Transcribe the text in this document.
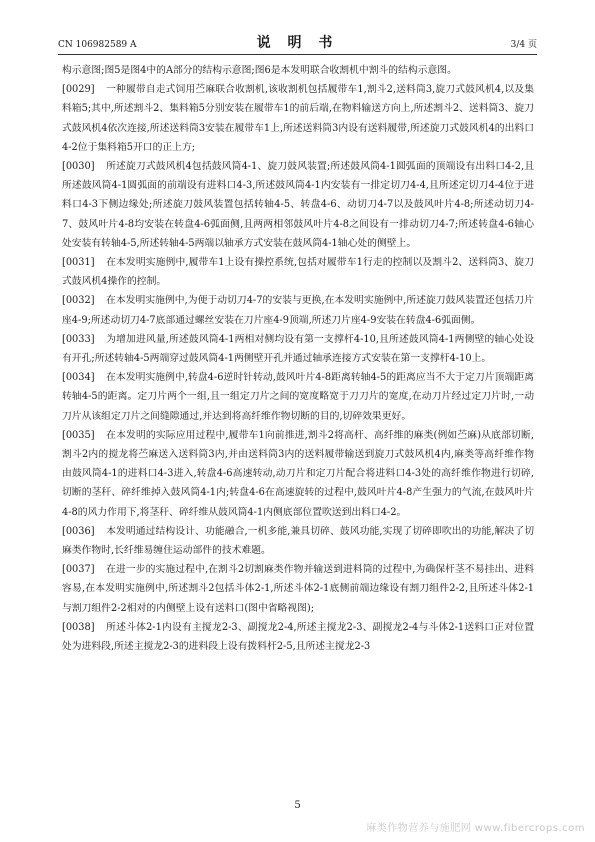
CN 106982589 A	说 明 书	3/4 页

构示意图;图5是图4中的A部分的结构示意图;图6是本发明联合收割机中割斗的结构示意图。

[0029] 一种履带自走式饲用苎麻联合收割机,该收割机包括履带车1,割斗2,送料筒3,旋刀式鼓风机4,以及集料箱5;其中,所述割斗2、集料箱5分别安装在履带车1的前后端,在物料输送方向上,所述割斗2、送料筒3、旋刀式鼓风机4依次连接,所述送料筒3安装在履带车1上,所述送料筒3内设有送料履带,所述旋刀式鼓风机4的出料口4-2位于集料箱5开口的正上方;

[0030] 所述旋刀式鼓风机4包括鼓风筒4-1、旋刀鼓风装置;所述鼓风筒4-1圆弧面的顶端设有出料口4-2,且所述鼓风筒4-1圆弧面的前端设有进料口4-3,所述鼓风筒4-1内安装有一排定切刀4-4,且所述定切刀4-4位于进料口4-3下侧边缘处;所述旋刀鼓风装置包括转轴4-5、转盘4-6、动切刀4-7以及鼓风叶片4-8;所述动切刀4-7、鼓风叶片4-8均安装在转盘4-6弧面侧,且两两相邻鼓风叶片4-8之间设有一排动切刀4-7;所述转盘4-6轴心处安装有转轴4-5,所述转轴4-5两端以轴承方式安装在鼓风筒4-1轴心处的侧壁上。

[0031] 在本发明实施例中,履带车1上设有操控系统,包括对履带车1行走的控制以及割斗2、送料筒3、旋刀式鼓风机4操作的控制。

[0032] 在本发明实施例中,为便于动切刀4-7的安装与更换,在本发明实施例中,所述旋刀鼓风装置还包括刀片座4-9;所述动切刀4-7底部通过螺丝安装在刀片座4-9顶端,所述刀片座4-9安装在转盘4-6弧面侧。

[0033] 为增加进风量,所述鼓风筒4-1两相对侧均设有第一支撑杆4-10,且所述鼓风筒4-1两侧壁的轴心处设有开孔;所述转轴4-5两端穿过鼓风筒4-1两侧壁开孔并通过轴承连接方式安装在第一支撑杆4-10上。

[0034] 在本发明实施例中,转盘4-6逆时针转动,鼓风叶片4-8距离转轴4-5的距离应当不大于定刀片顶端距离转轴4-5的距离。定刀片两个一组,且一组定刀片之间的宽度略宽于刀刀片的宽度,在动刀片经过定刀片时,一动刀片从该组定刀片之间缝隙通过,并达到将高纤维作物切断的目的,切碎效果更好。

[0035] 在本发明的实际应用过程中,履带车1向前推进,割斗2将高杆、高纤维的麻类(例如苎麻)从底部切断,割斗2内的搅龙将苎麻送入送料筒3内,并由送料筒3内的送料履带输送到旋刀式鼓风机4内,麻类等高纤维作物由鼓风筒4-1的进料口4-3进入,转盘4-6高速转动,动刀片和定刀片配合将进料口4-3处的高纤维作物进行切碎,切断的茎秆、碎纤维掉入鼓风筒4-1内;转盘4-6在高速旋转的过程中,鼓风叶片4-8产生强力的气流,在鼓风叶片4-8的风力作用下,将茎秆、碎纤维从鼓风筒4-1内侧底部位置吹送到出料口4-2。

[0036] 本发明通过结构设计、功能融合,一机多能,兼具切碎、鼓风功能,实现了切碎即吹出的功能,解决了切麻类作物时,长纤维易缠住运动部件的技术难题。

[0037] 在进一步的实施过程中,在割斗2切割麻类作物并输送到进料筒的过程中,为确保杆茎不易挂出、进料容易,在本发明实施例中,所述割斗2包括斗体2-1,所述斗体2-1底侧前端边缘设有割刀组件2-2,且所述斗体2-1与割刀组件2-2相对的内侧壁上设有送料口(图中省略视图);

[0038] 所述斗体2-1内设有主搅龙2-3、副搅龙2-4,所述主搅龙2-3、副搅龙2-4与斗体2-1送料口正对位置处为进料段,所述主搅龙2-3的进料段上设有拨料杆2-5,且所述主搅龙2-3

5
麻类作物营养与施肥网 www.fibercrops.com
